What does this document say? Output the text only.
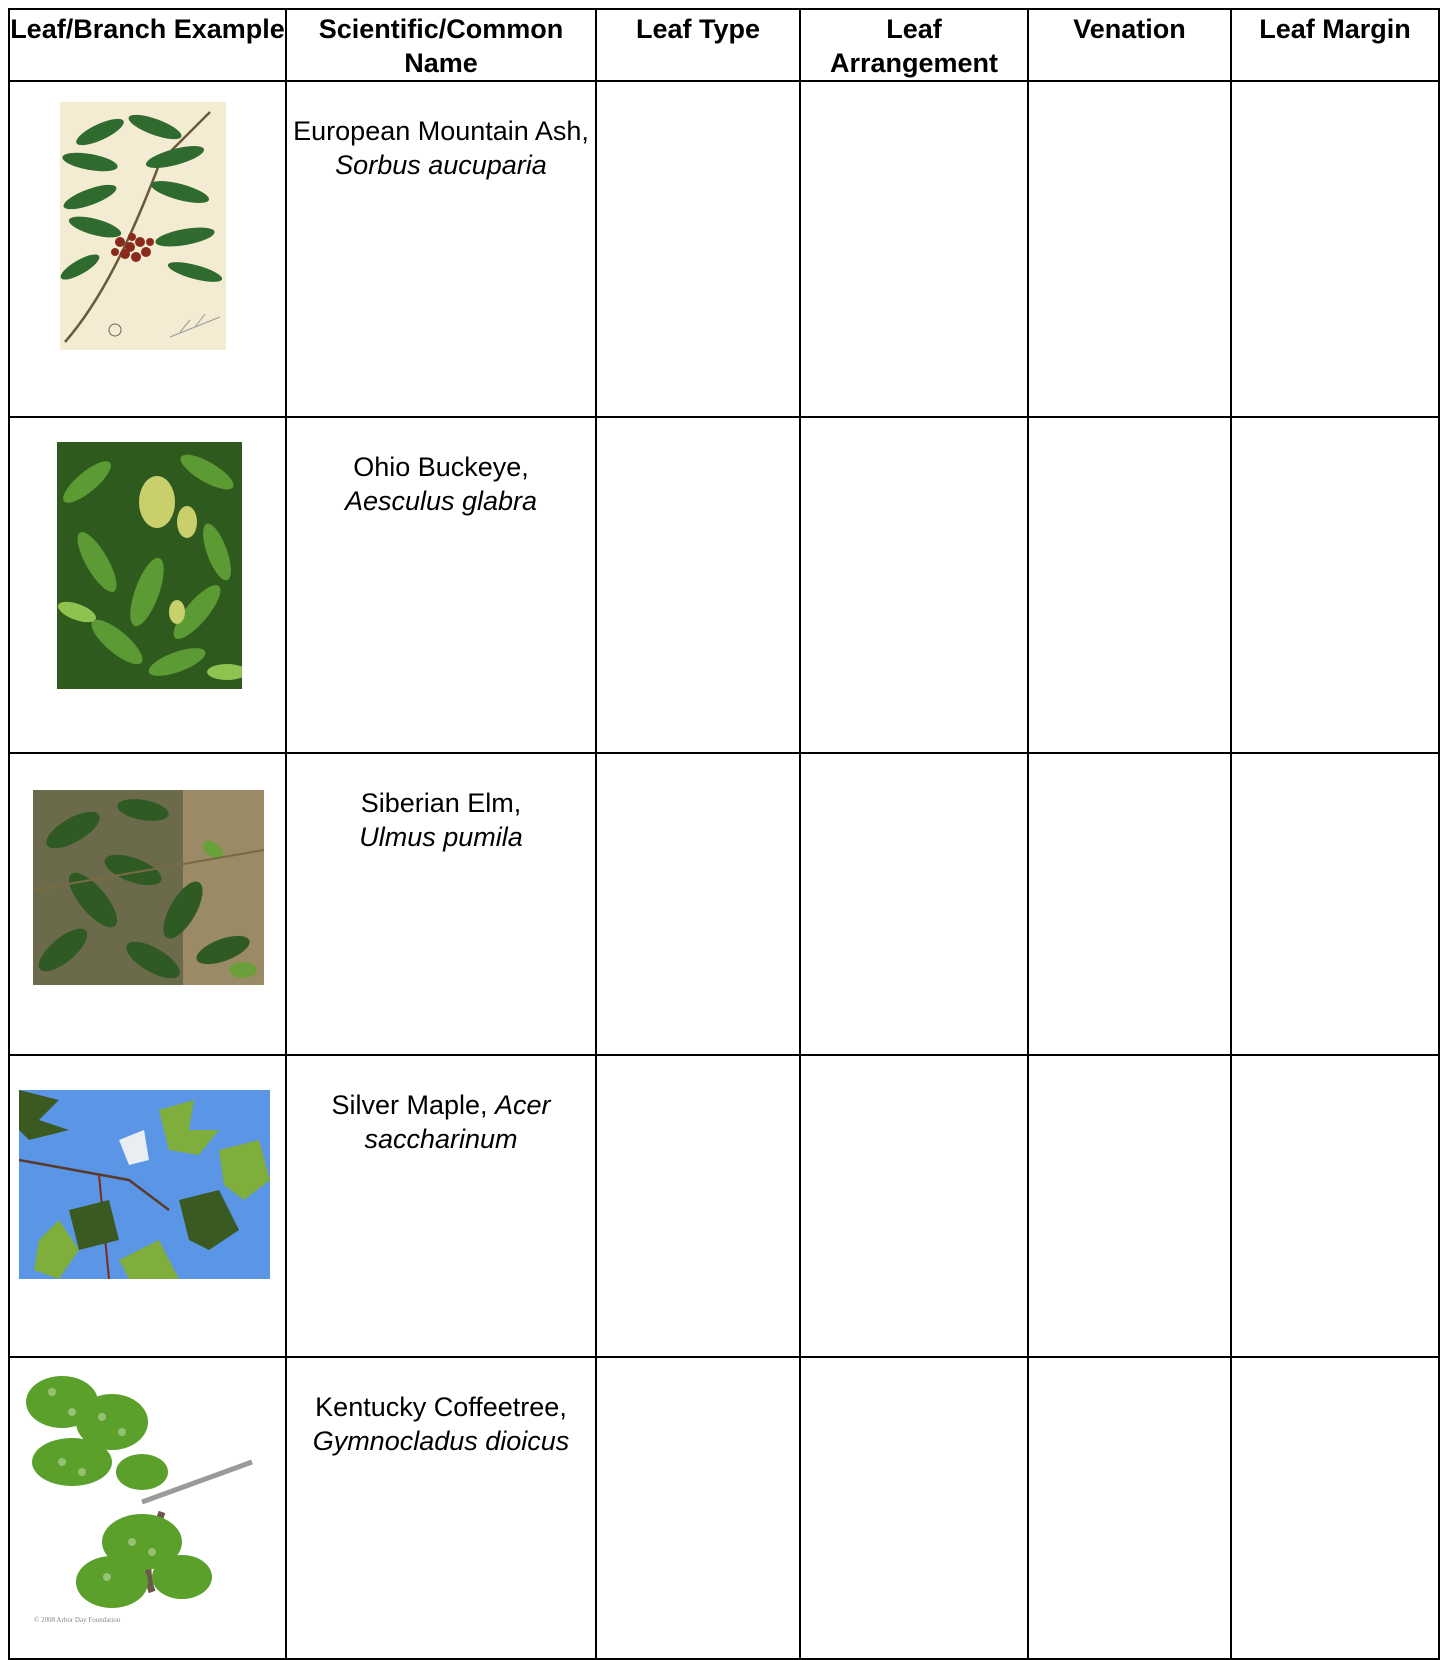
Leaf/Branch Example	Scientific/Common Name	Leaf Type	Leaf Arrangement	Venation	Leaf Margin

	European Mountain Ash, Sorbus aucuparia				

	Ohio Buckeye,
Aesculus glabra				

	Siberian Elm,
Ulmus pumila				

	Silver Maple, Acer saccharinum				

© 2008 Arbor Day Foundation	Kentucky Coffeetree,
Gymnocladus dioicus				
